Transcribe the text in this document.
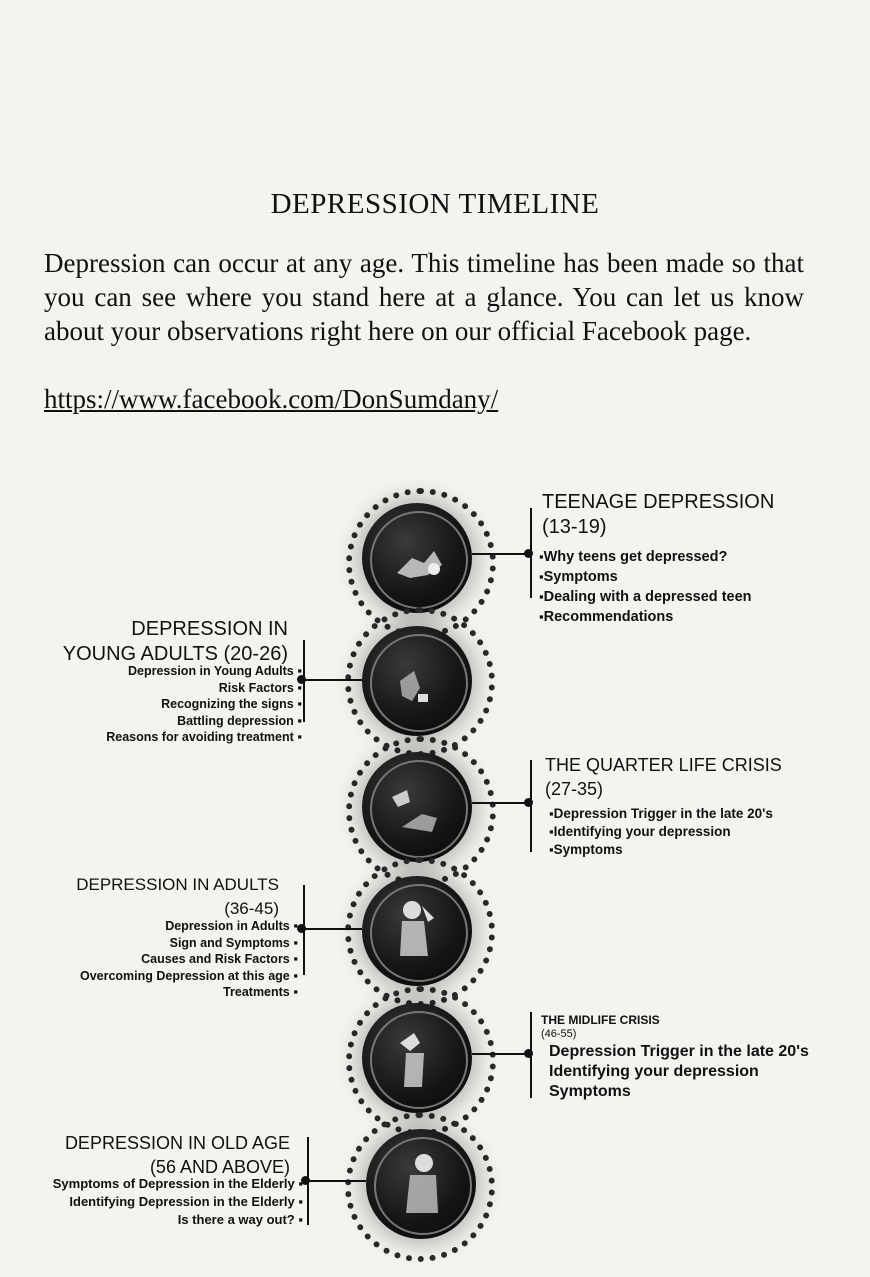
DEPRESSION TIMELINE

Depression can occur at any age. This timeline has been made so that you can see where you stand here at a glance. You can let us know about your observations right here on our official Facebook page.

https://www.facebook.com/DonSumdany/
TEENAGE DEPRESSION
(13-19)
▪ Why teens get depressed?
▪ Symptoms
▪ Dealing with a depressed teen
▪ Recommendations
DEPRESSION IN
YOUNG ADULTS (20-26)
Depression in Young Adults ▪
Risk Factors ▪
Recognizing the signs ▪
Battling depression ▪
Reasons for avoiding treatment ▪
THE QUARTER LIFE CRISIS
(27-35)
▪ Depression Trigger in the late 20's
▪ Identifying your depression
▪ Symptoms
DEPRESSION IN ADULTS
(36-45)
Depression in Adults ▪
Sign and Symptoms ▪
Causes and Risk Factors ▪
Overcoming Depression at this age ▪
Treatments ▪
THE MIDLIFE CRISIS
(46-55)
Depression Trigger in the late 20's
Identifying your depression
Symptoms
DEPRESSION IN OLD AGE
(56 AND ABOVE)
Symptoms of Depression in the Elderly ▪
Identifying Depression in the Elderly ▪
Is there a way out? ▪
